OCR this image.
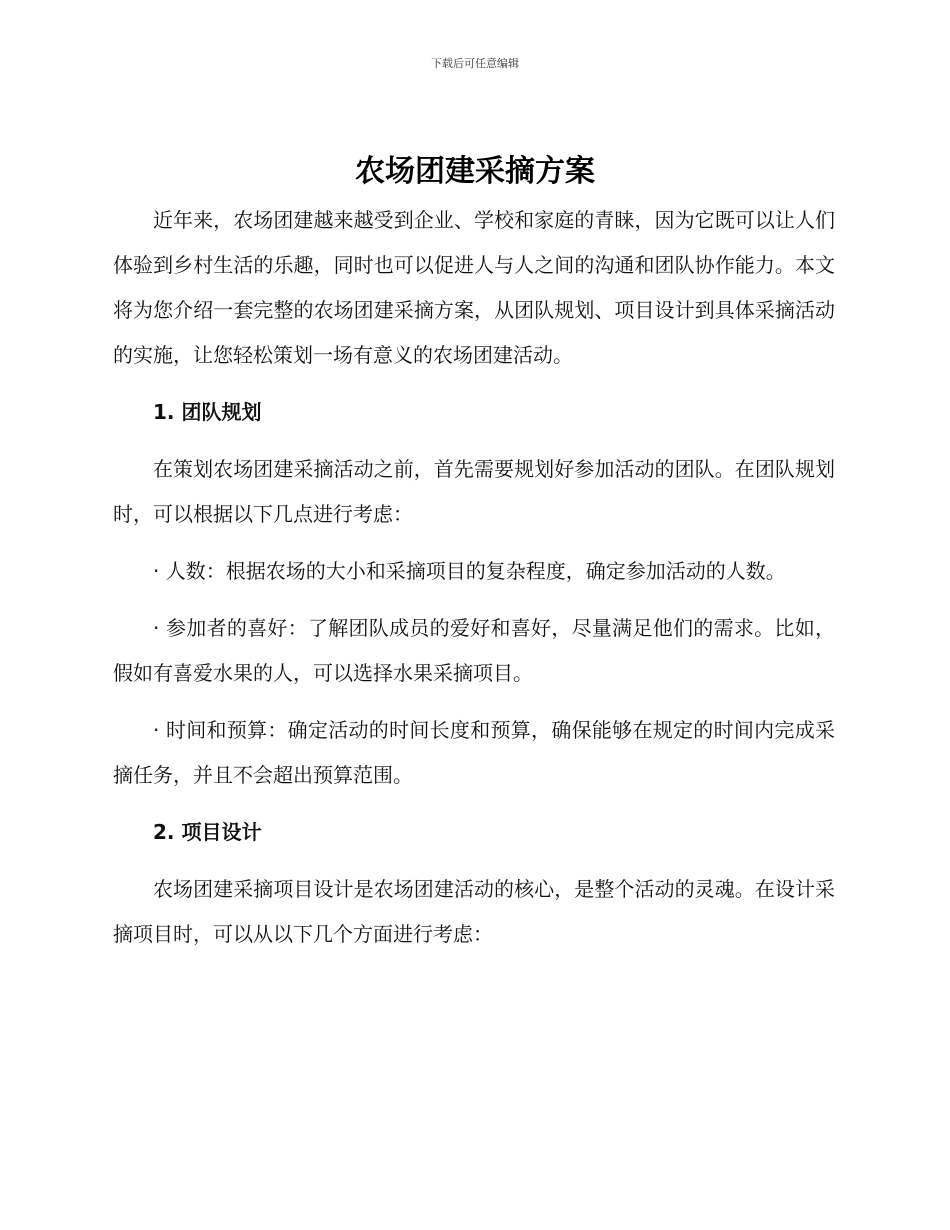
下载后可任意编辑
农场团建采摘方案

近年来，农场团建越来越受到企业、学校和家庭的青睐，因为它既可以让人们体验到乡村生活的乐趣，同时也可以促进人与人之间的沟通和团队协作能力。本文将为您介绍一套完整的农场团建采摘方案，从团队规划、项目设计到具体采摘活动的实施，让您轻松策划一场有意义的农场团建活动。

1. 团队规划

在策划农场团建采摘活动之前，首先需要规划好参加活动的团队。在团队规划时，可以根据以下几点进行考虑：

· 人数：根据农场的大小和采摘项目的复杂程度，确定参加活动的人数。

· 参加者的喜好：了解团队成员的爱好和喜好，尽量满足他们的需求。比如，假如有喜爱水果的人，可以选择水果采摘项目。

· 时间和预算：确定活动的时间长度和预算，确保能够在规定的时间内完成采摘任务，并且不会超出预算范围。

2. 项目设计

农场团建采摘项目设计是农场团建活动的核心，是整个活动的灵魂。在设计采摘项目时，可以从以下几个方面进行考虑：
